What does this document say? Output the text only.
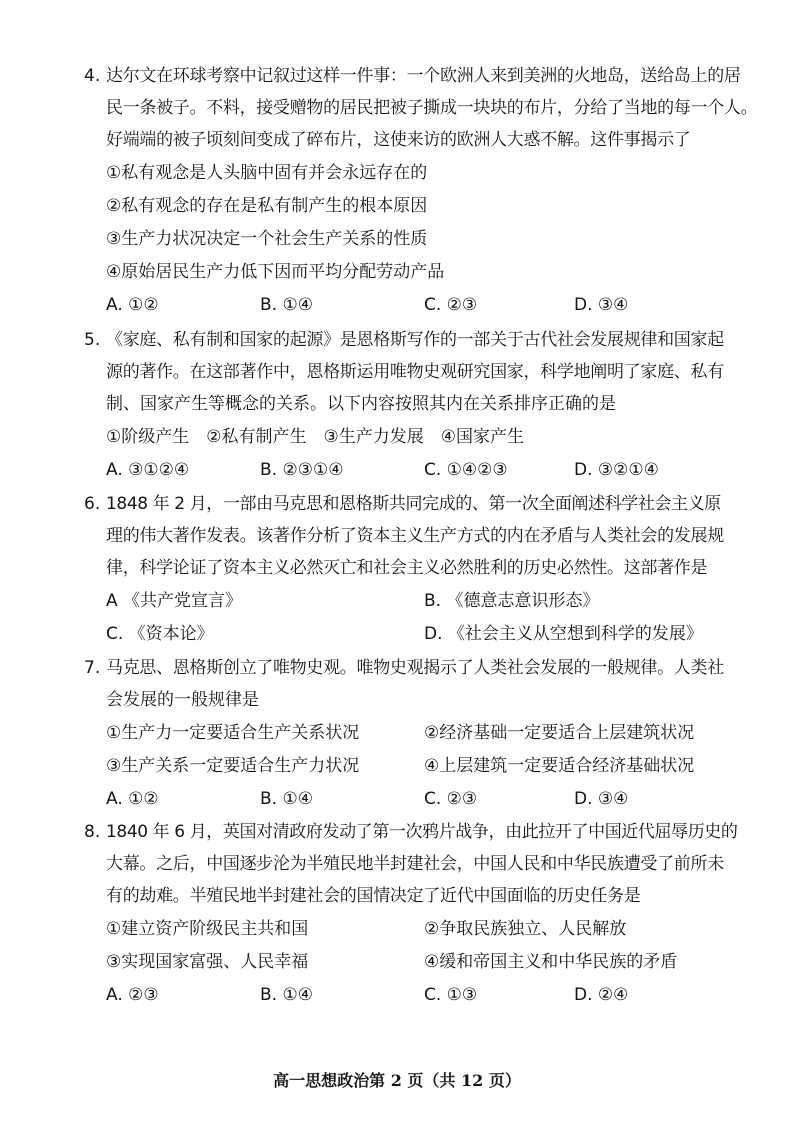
4. 达尔文在环球考察中记叙过这样一件事：一个欧洲人来到美洲的火地岛，送给岛上的居
民一条被子。不料，接受赠物的居民把被子撕成一块块的布片，分给了当地的每一个人。
好端端的被子顷刻间变成了碎布片，这使来访的欧洲人大惑不解。这件事揭示了
①私有观念是人头脑中固有并会永远存在的
②私有观念的存在是私有制产生的根本原因
③生产力状况决定一个社会生产关系的性质
④原始居民生产力低下因而平均分配劳动产品
A. ①②	B. ①④	C. ②③	D. ③④
5. 《家庭、私有制和国家的起源》是恩格斯写作的一部关于古代社会发展规律和国家起
源的著作。在这部著作中，恩格斯运用唯物史观研究国家，科学地阐明了家庭、私有
制、国家产生等概念的关系。以下内容按照其内在关系排序正确的是
①阶级产生　②私有制产生　③生产力发展　④国家产生
A. ③①②④	B. ②③①④	C. ①④②③	D. ③②①④
6. 1848 年 2 月，一部由马克思和恩格斯共同完成的、第一次全面阐述科学社会主义原
理的伟大著作发表。该著作分析了资本主义生产方式的内在矛盾与人类社会的发展规
律，科学论证了资本主义必然灭亡和社会主义必然胜利的历史必然性。这部著作是
A 《共产党宣言》	B. 《德意志意识形态》
C. 《资本论》	D. 《社会主义从空想到科学的发展》
7. 马克思、恩格斯创立了唯物史观。唯物史观揭示了人类社会发展的一般规律。人类社
会发展的一般规律是
①生产力一定要适合生产关系状况	②经济基础一定要适合上层建筑状况
③生产关系一定要适合生产力状况	④上层建筑一定要适合经济基础状况
A. ①②	B. ①④	C. ②③	D. ③④
8. 1840 年 6 月，英国对清政府发动了第一次鸦片战争，由此拉开了中国近代屈辱历史的
大幕。之后，中国逐步沦为半殖民地半封建社会，中国人民和中华民族遭受了前所未
有的劫难。半殖民地半封建社会的国情决定了近代中国面临的历史任务是
①建立资产阶级民主共和国	②争取民族独立、人民解放
③实现国家富强、人民幸福	④缓和帝国主义和中华民族的矛盾
A. ②③	B. ①④	C. ①③	D. ②④
高一思想政治第 2 页（共 12 页）
